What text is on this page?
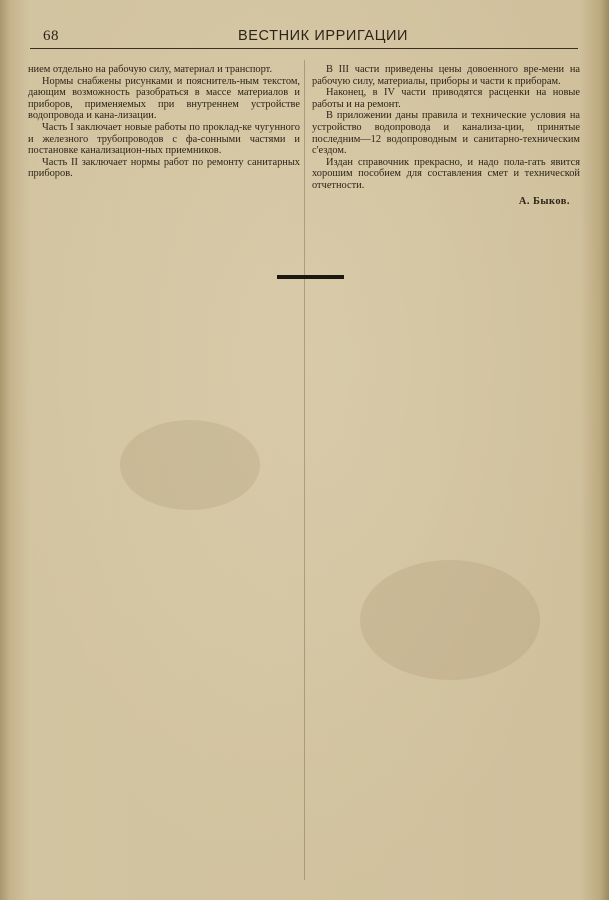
68	ВЕСТНИК ИРРИГАЦИИ

нием отдельно на рабочую силу, материал и транспорт.

Нормы снабжены рисунками и пояснитель-ным текстом, дающим возможность разобраться в массе материалов и приборов, применяемых при внутреннем устройстве водопровода и кана-лизации.

Часть I заключает новые работы по проклад-ке чугунного и железного трубопроводов с фа-сонными частями и постановке канализацион-ных приемников.

Часть II заключает нормы работ по ремонту санитарных приборов.

В III части приведены цены довоенного вре-мени на рабочую силу, материалы, приборы и части к приборам.

Наконец, в IV части приводятся расценки на новые работы и на ремонт.

В приложении даны правила и технические условия на устройство водопровода и канализа-ции, принятые последним—12 водопроводным и санитарно-техническим с'ездом.

Издан справочник прекрасно, и надо пола-гать явится хорошим пособием для составления смет и технической отчетности.

А. Быков.
